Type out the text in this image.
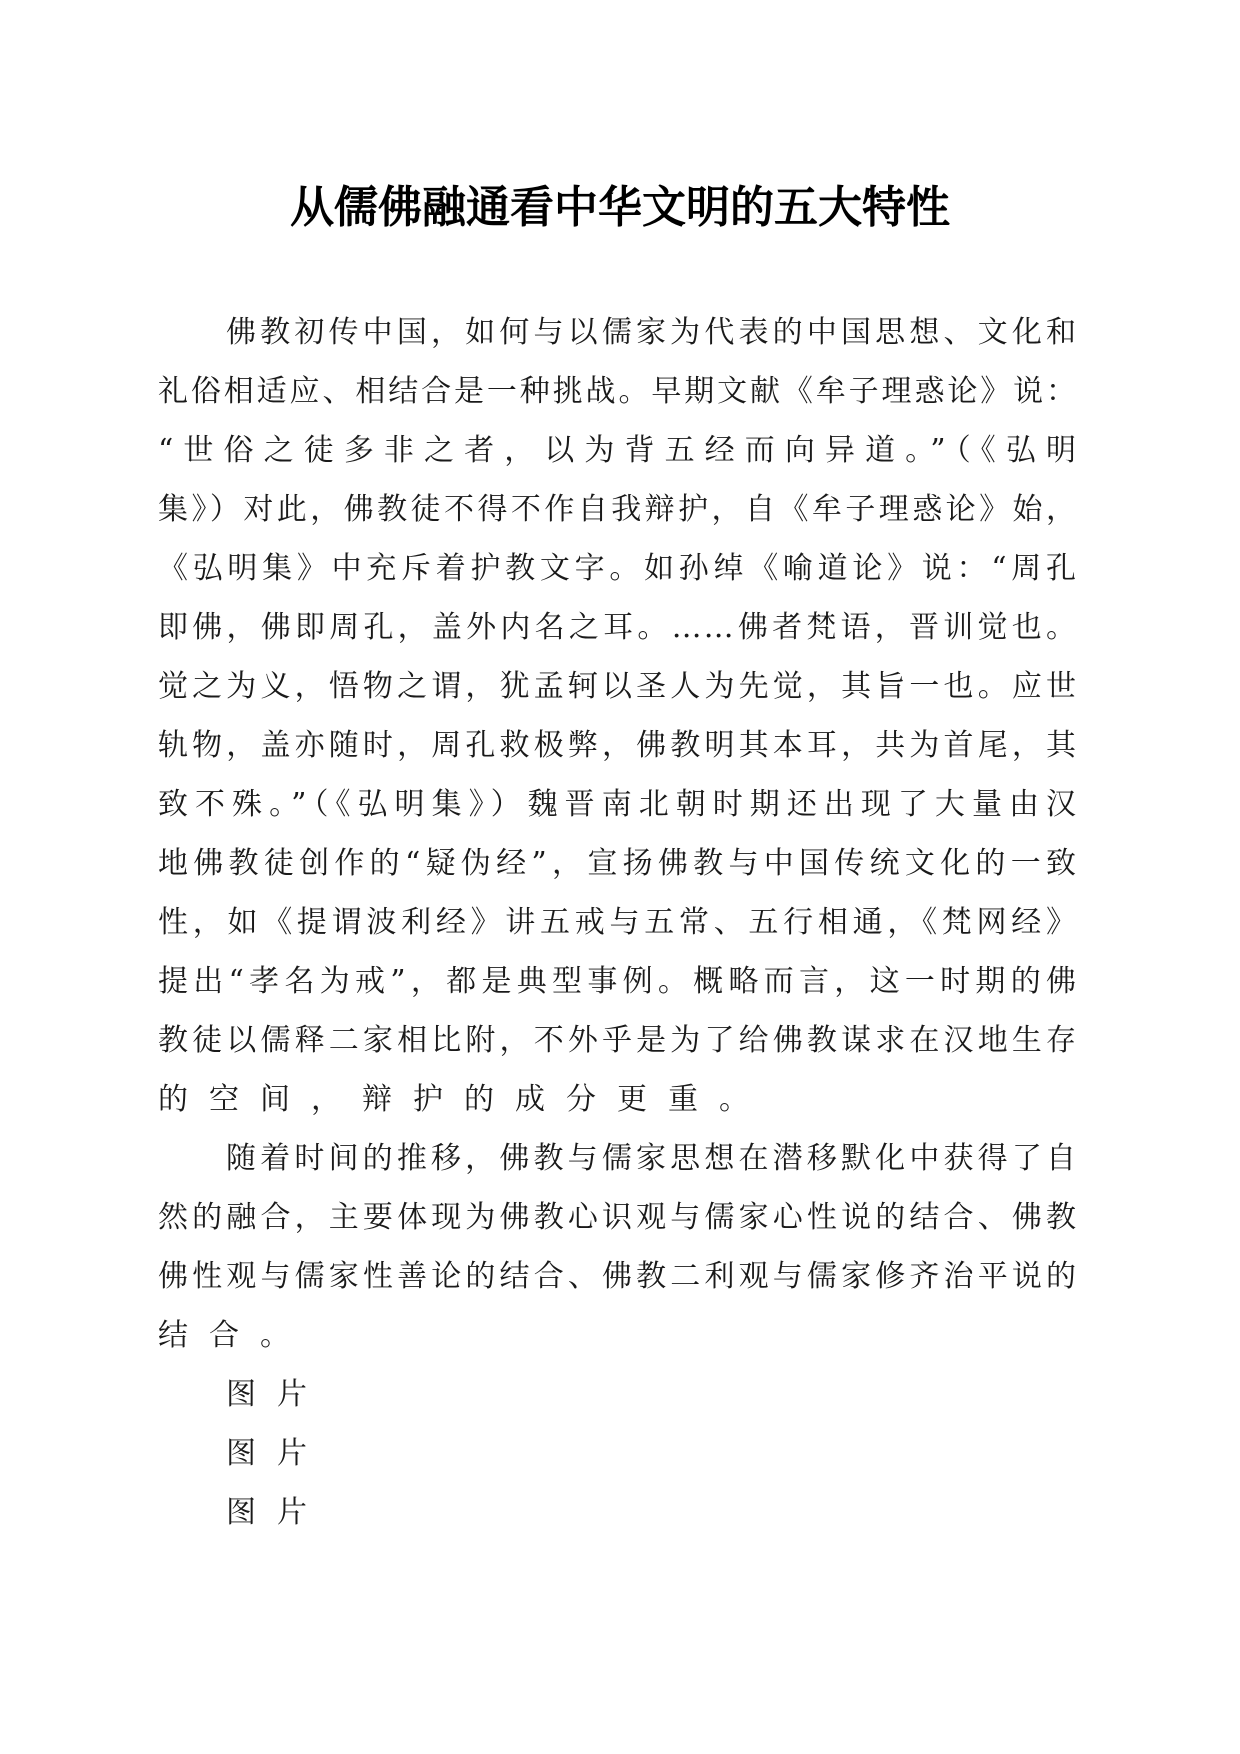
从儒佛融通看中华文明的五大特性
佛教初传中国，如何与以儒家为代表的中国思想、文化和
礼俗相适应、相结合是一种挑战。早期文献《牟子理惑论》说：
“世俗之徒多非之者，以为背五经而向异道。”（《弘明
集》）对此，佛教徒不得不作自我辩护，自《牟子理惑论》始，
《弘明集》中充斥着护教文字。如孙绰《喻道论》说：“周孔
即佛，佛即周孔，盖外内名之耳。……佛者梵语，晋训觉也。
觉之为义，悟物之谓，犹孟轲以圣人为先觉，其旨一也。应世
轨物，盖亦随时，周孔救极弊，佛教明其本耳，共为首尾，其
致不殊。”（《弘明集》）魏晋南北朝时期还出现了大量由汉
地佛教徒创作的“疑伪经”，宣扬佛教与中国传统文化的一致
性，如《提谓波利经》讲五戒与五常、五行相通，《梵网经》
提出“孝名为戒”，都是典型事例。概略而言，这一时期的佛
教徒以儒释二家相比附，不外乎是为了给佛教谋求在汉地生存
的空间，辩护的成分更重。
随着时间的推移，佛教与儒家思想在潜移默化中获得了自
然的融合，主要体现为佛教心识观与儒家心性说的结合、佛教
佛性观与儒家性善论的结合、佛教二利观与儒家修齐治平说的
结合。
图片
图片
图片
